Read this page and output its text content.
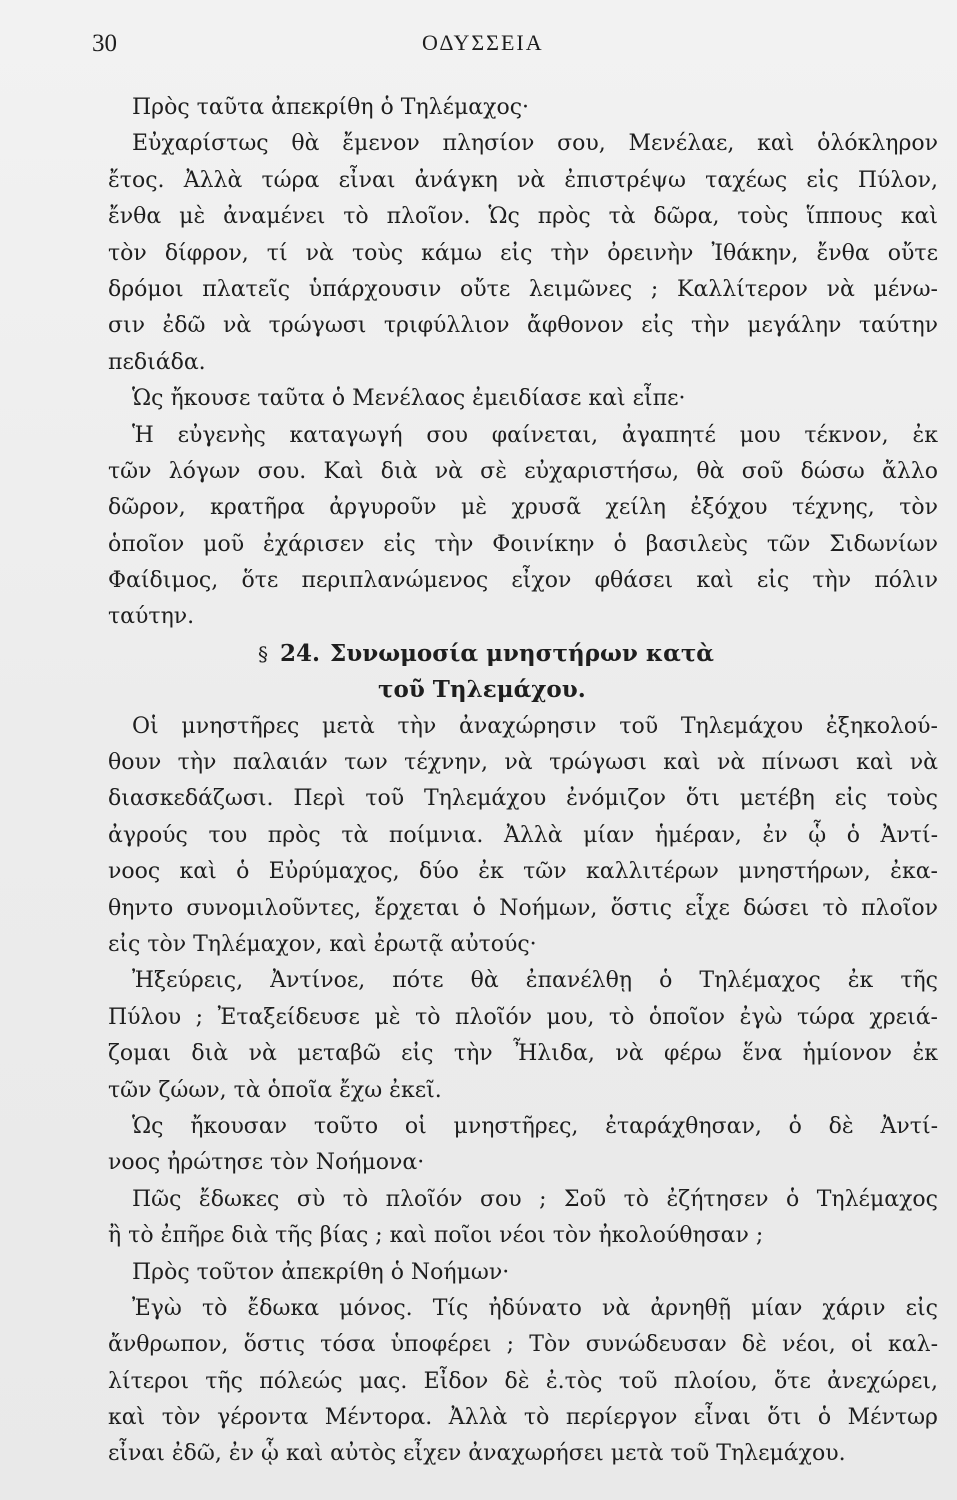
30	ΟΔΥΣΣΕΙΑ
Πρὸς ταῦτα ἀπεκρίθη ὁ Τηλέμαχος·
Εὐχαρίστως θὰ ἔμενον πλησίον σου, Μενέλαε, καὶ ὁλόκληρον
ἔτος. Ἀλλὰ τώρα εἶναι ἀνάγκη νὰ ἐπιστρέψω ταχέως εἰς Πύλον,
ἔνθα μὲ ἀναμένει τὸ πλοῖον. Ὡς πρὸς τὰ δῶρα, τοὺς ἵππους καὶ
τὸν δίφρον, τί νὰ τοὺς κάμω εἰς τὴν ὀρεινὴν Ἰθάκην, ἔνθα οὔτε
δρόμοι πλατεῖς ὑπάρχουσιν οὔτε λειμῶνες ; Καλλίτερον νὰ μένω-
σιν ἐδῶ νὰ τρώγωσι τριφύλλιον ἄφθονον εἰς τὴν μεγάλην ταύτην
πεδιάδα.
Ὡς ἤκουσε ταῦτα ὁ Μενέλαος ἐμειδίασε καὶ εἶπε·
Ἡ εὐγενὴς καταγωγή σου φαίνεται, ἀγαπητέ μου τέκνον, ἐκ
τῶν λόγων σου. Καὶ διὰ νὰ σὲ εὐχαριστήσω, θὰ σοῦ δώσω ἄλλο
δῶρον, κρατῆρα ἀργυροῦν μὲ χρυσᾶ χείλη ἐξόχου τέχνης, τὸν
ὁποῖον μοῦ ἐχάρισεν εἰς τὴν Φοινίκην ὁ βασιλεὺς τῶν Σιδωνίων
Φαίδιμος, ὅτε περιπλανώμενος εἶχον φθάσει καὶ εἰς τὴν πόλιν
ταύτην.
§ 24. Συνωμοσία μνηστήρων κατὰ
τοῦ Τηλεμάχου.
Οἱ μνηστῆρες μετὰ τὴν ἀναχώρησιν τοῦ Τηλεμάχου ἐξηκολού-
θουν τὴν παλαιάν των τέχνην, νὰ τρώγωσι καὶ νὰ πίνωσι καὶ νὰ
διασκεδάζωσι. Περὶ τοῦ Τηλεμάχου ἐνόμιζον ὅτι μετέβη εἰς τοὺς
ἀγρούς του πρὸς τὰ ποίμνια. Ἀλλὰ μίαν ἡμέραν, ἐν ᾧ ὁ Ἀντί-
νοος καὶ ὁ Εὐρύμαχος, δύο ἐκ τῶν καλλιτέρων μνηστήρων, ἐκα-
θηντο συνομιλοῦντες, ἔρχεται ὁ Νοήμων, ὅστις εἶχε δώσει τὸ πλοῖον
εἰς τὸν Τηλέμαχον, καὶ ἐρωτᾷ αὐτούς·
Ἠξεύρεις, Ἀντίνοε, πότε θὰ ἐπανέλθῃ ὁ Τηλέμαχος ἐκ τῆς
Πύλου ; Ἐταξείδευσε μὲ τὸ πλοῖόν μου, τὸ ὁποῖον ἐγὼ τώρα χρειά-
ζομαι διὰ νὰ μεταβῶ εἰς τὴν Ἦλιδα, νὰ φέρω ἕνα ἡμίονον ἐκ
τῶν ζώων, τὰ ὁποῖα ἔχω ἐκεῖ.
Ὡς ἤκουσαν τοῦτο οἱ μνηστῆρες, ἐταράχθησαν, ὁ δὲ Ἀντί-
νοος ἠρώτησε τὸν Νοήμονα·
Πῶς ἔδωκες σὺ τὸ πλοῖόν σου ; Σοῦ τὸ ἐζήτησεν ὁ Τηλέμαχος
ἢ τὸ ἐπῆρε διὰ τῆς βίας ; καὶ ποῖοι νέοι τὸν ἠκολούθησαν ;
Πρὸς τοῦτον ἀπεκρίθη ὁ Νοήμων·
Ἐγὼ τὸ ἔδωκα μόνος. Τίς ἠδύνατο νὰ ἀρνηθῇ μίαν χάριν εἰς
ἄνθρωπον, ὅστις τόσα ὑποφέρει ; Τὸν συνώδευσαν δὲ νέοι, οἱ καλ-
λίτεροι τῆς πόλεώς μας. Εἶδον δὲ ἐ.τὸς τοῦ πλοίου, ὅτε ἀνεχώρει,
καὶ τὸν γέροντα Μέντορα. Ἀλλὰ τὸ περίεργον εἶναι ὅτι ὁ Μέντωρ
εἶναι ἐδῶ, ἐν ᾧ καὶ αὐτὸς εἶχεν ἀναχωρήσει μετὰ τοῦ Τηλεμάχου.
